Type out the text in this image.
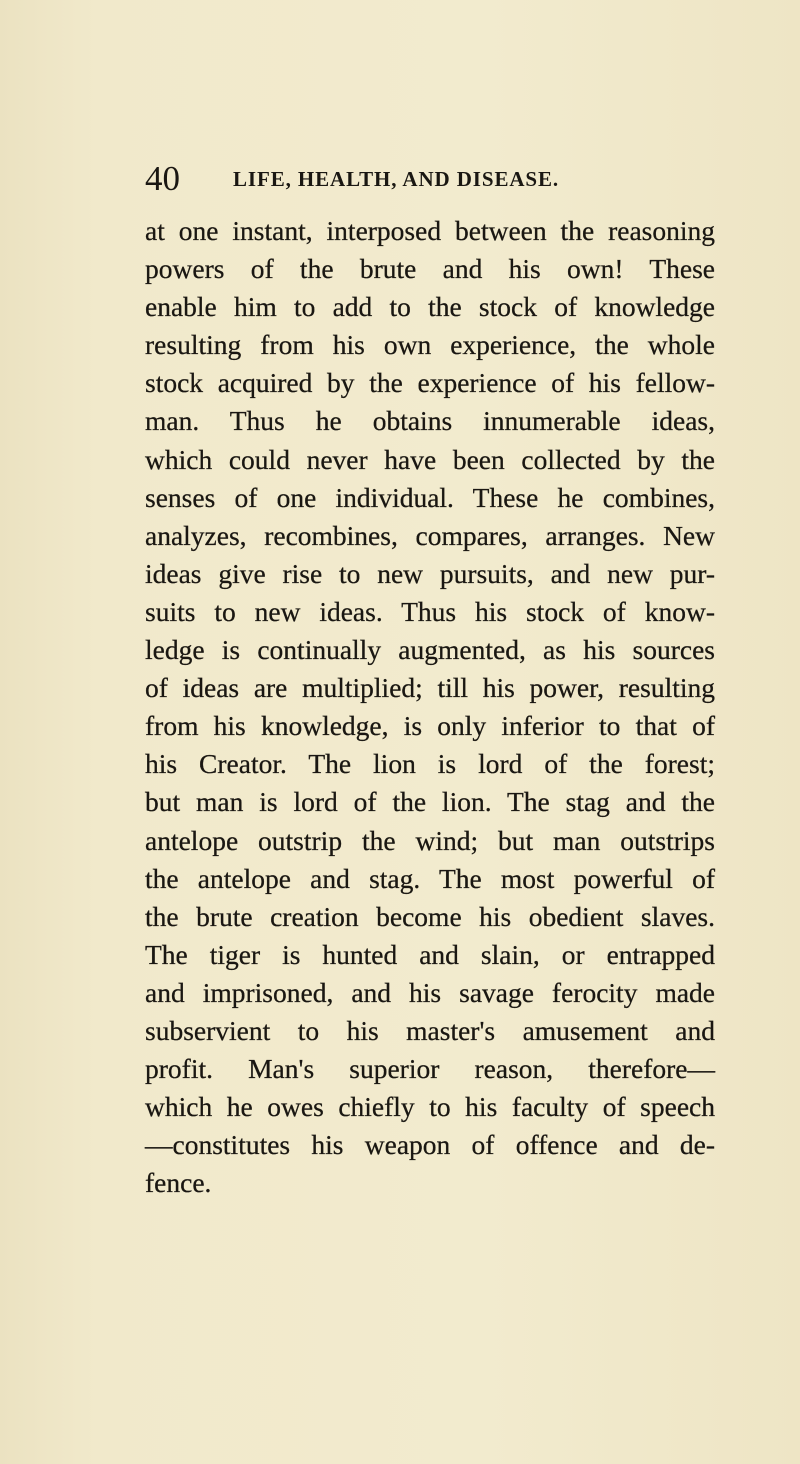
40	LIFE, HEALTH, AND DISEASE.
at one instant, interposed between the reasoning
powers of the brute and his own! These
enable him to add to the stock of knowledge
resulting from his own experience, the whole
stock acquired by the experience of his fellow-
man. Thus he obtains innumerable ideas,
which could never have been collected by the
senses of one individual. These he combines,
analyzes, recombines, compares, arranges. New
ideas give rise to new pursuits, and new pur-
suits to new ideas. Thus his stock of know-
ledge is continually augmented, as his sources
of ideas are multiplied; till his power, resulting
from his knowledge, is only inferior to that of
his Creator. The lion is lord of the forest;
but man is lord of the lion. The stag and the
antelope outstrip the wind; but man outstrips
the antelope and stag. The most powerful of
the brute creation become his obedient slaves.
The tiger is hunted and slain, or entrapped
and imprisoned, and his savage ferocity made
subservient to his master's amusement and
profit. Man's superior reason, therefore—
which he owes chiefly to his faculty of speech
—constitutes his weapon of offence and de-
fence.
